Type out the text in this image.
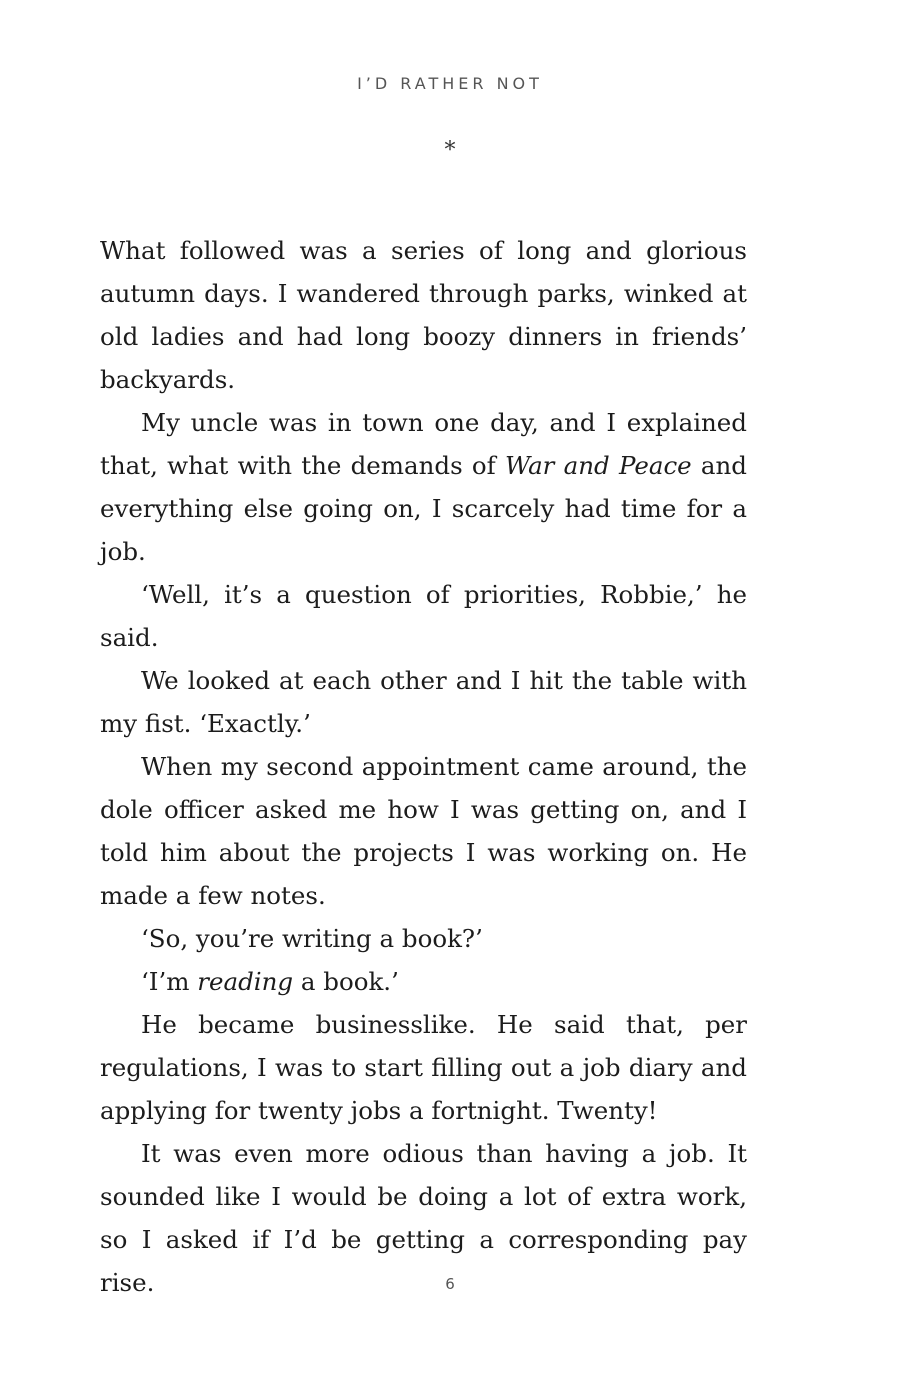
I’D RATHER NOT
*

What followed was a series of long and glorious autumn days. I wandered through parks, winked at old ladies and had long boozy dinners in friends’ backyards.

My uncle was in town one day, and I explained that, what with the demands of War and Peace and everything else going on, I scarcely had time for a job.

‘Well, it’s a question of priorities, Robbie,’ he said.

We looked at each other and I hit the table with my fist. ‘Exactly.’

When my second appointment came around, the dole officer asked me how I was getting on, and I told him about the projects I was working on. He made a few notes.

‘So, you’re writing a book?’

‘I’m reading a book.’

He became businesslike. He said that, per regulations, I was to start filling out a job diary and applying for twenty jobs a fortnight. Twenty!

It was even more odious than having a job. It sounded like I would be doing a lot of extra work, so I asked if I’d be getting a corresponding pay rise.	6
